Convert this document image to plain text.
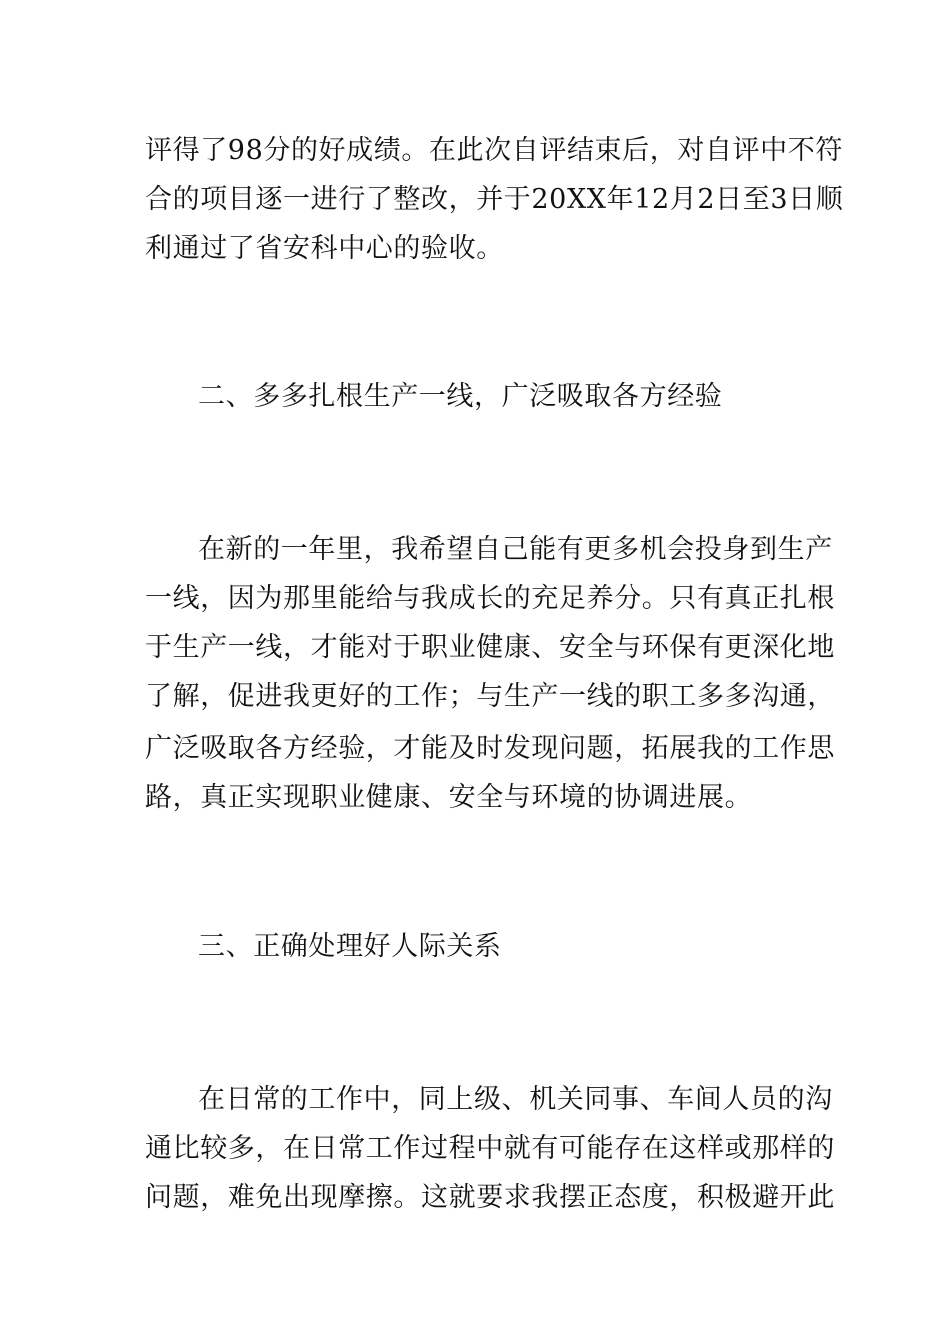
评得了98分的好成绩。在此次自评结束后，对自评中不符
合的项目逐一进行了整改，并于20XX年12月2日至3日顺
利通过了省安科中心的验收。
二、多多扎根生产一线，广泛吸取各方经验
在新的一年里，我希望自己能有更多机会投身到生产
一线，因为那里能给与我成长的充足养分。只有真正扎根
于生产一线，才能对于职业健康、安全与环保有更深化地
了解，促进我更好的工作；与生产一线的职工多多沟通，
广泛吸取各方经验，才能及时发现问题，拓展我的工作思
路，真正实现职业健康、安全与环境的协调进展。
三、正确处理好人际关系
在日常的工作中，同上级、机关同事、车间人员的沟
通比较多，在日常工作过程中就有可能存在这样或那样的
问题，难免出现摩擦。这就要求我摆正态度，积极避开此
